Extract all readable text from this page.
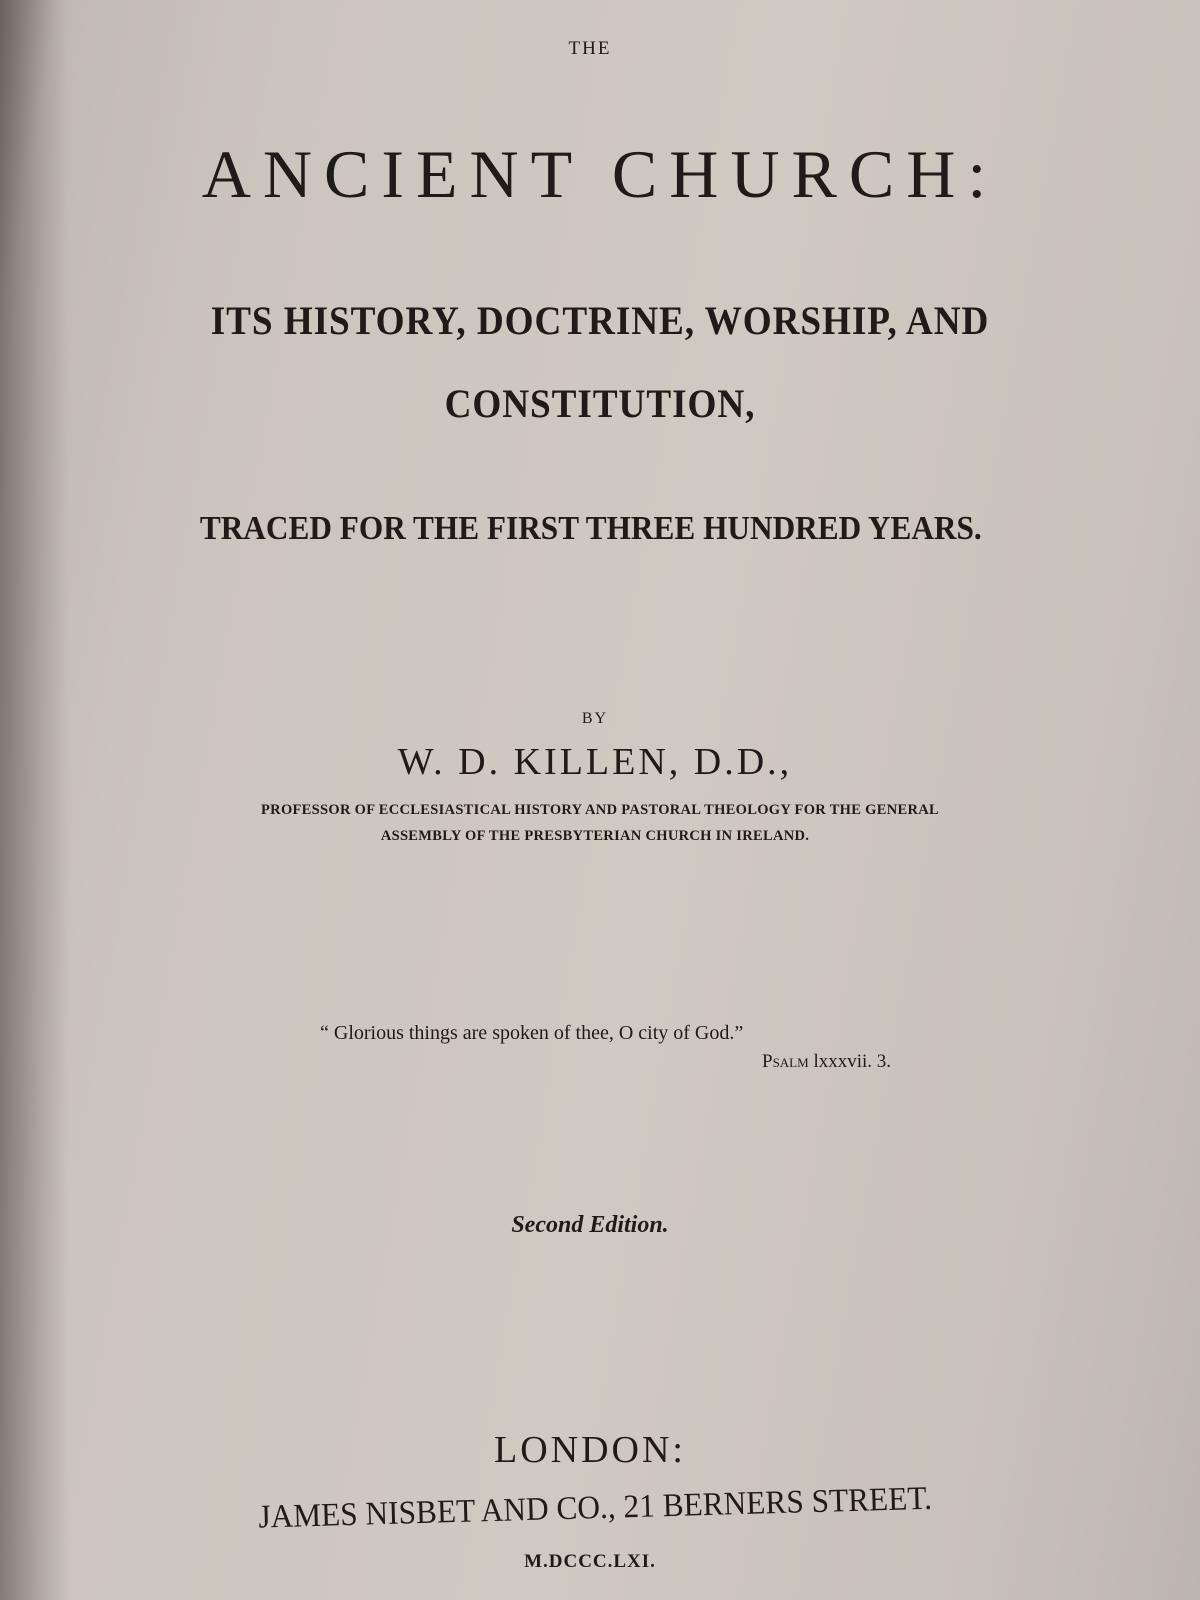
THE

ANCIENT CHURCH:

ITS HISTORY, DOCTRINE, WORSHIP, AND

CONSTITUTION,

TRACED FOR THE FIRST THREE HUNDRED YEARS.

BY

W. D. KILLEN, D.D.,

PROFESSOR OF ECCLESIASTICAL HISTORY AND PASTORAL THEOLOGY FOR THE GENERAL

ASSEMBLY OF THE PRESBYTERIAN CHURCH IN IRELAND.

“ Glorious things are spoken of thee, O city of God.”

Psalm lxxxvii. 3.

Second Edition.

LONDON:

JAMES NISBET AND CO., 21 BERNERS STREET.

M.DCCC.LXI.
